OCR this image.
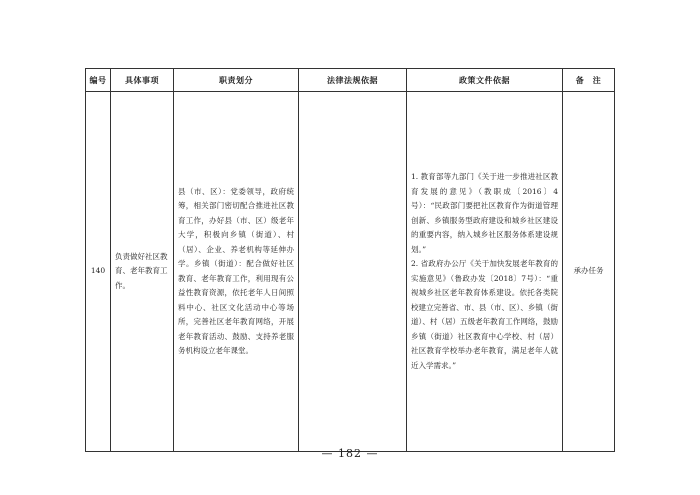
编号	具体事项	职责划分	法律法规依据	政策文件依据	备　注
140	负责做好社区教育、老年教育工作。	县（市、区）：党委领导，政府统筹，相关部门密切配合推进社区教育工作，办好县（市、区）级老年大学，积极向乡镇（街道）、村（居）、企业、养老机构等延伸办学。乡镇（街道）：配合做好社区教育、老年教育工作，利用现有公益性教育资源，依托老年人日间照料中心、社区文化活动中心等场所，完善社区老年教育网络，开展老年教育活动、鼓励、支持养老服务机构设立老年课堂。		1. 教育部等九部门《关于进一步推进社区教育发展的意见》（教职成〔2016〕4号）：“民政部门要把社区教育作为街道管理创新、乡镇服务型政府建设和城乡社区建设的重要内容，纳入城乡社区服务体系建设规划。”
2. 省政府办公厅《关于加快发展老年教育的实施意见》（鲁政办发〔2018〕7号）：“重视城乡社区老年教育体系建设。依托各类院校建立完善省、市、县（市、区）、乡镇（街道）、村（居）五级老年教育工作网络，鼓励乡镇（街道）社区教育中心学校、村（居）社区教育学校举办老年教育，满足老年人就近入学需求。”	承办任务
— 182 —
